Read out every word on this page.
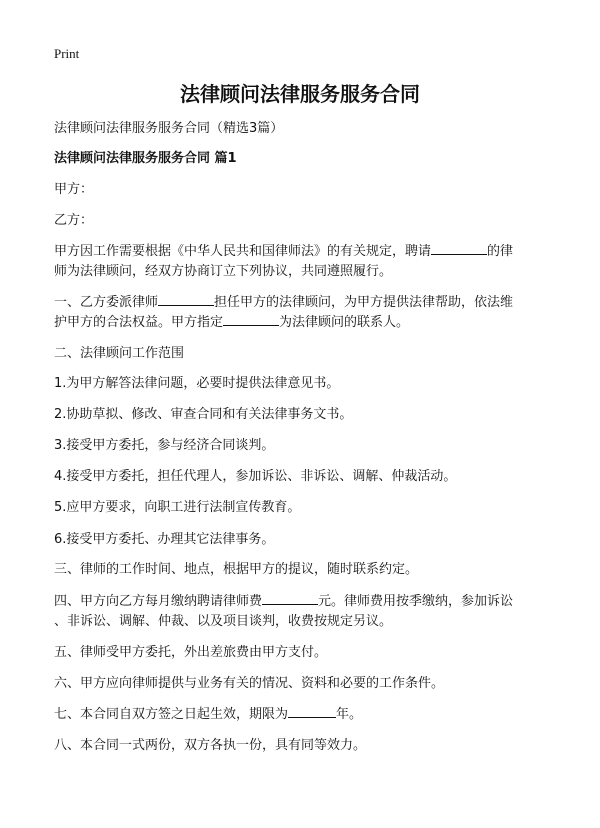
Print
法律顾问法律服务服务合同
法律顾问法律服务服务合同（精选3篇）
法律顾问法律服务服务合同 篇1
甲方：
乙方：
甲方因工作需要根据《中华人民共和国律师法》的有关规定，聘请	的律
师为法律顾问，经双方协商订立下列协议，共同遵照履行。
一、乙方委派律师	担任甲方的法律顾问，为甲方提供法律帮助，依法维
护甲方的合法权益。甲方指定	为法律顾问的联系人。
二、法律顾问工作范围
1.为甲方解答法律问题，必要时提供法律意见书。
2.协助草拟、修改、审查合同和有关法律事务文书。
3.接受甲方委托，参与经济合同谈判。
4.接受甲方委托，担任代理人，参加诉讼、非诉讼、调解、仲裁活动。
5.应甲方要求，向职工进行法制宣传教育。
6.接受甲方委托、办理其它法律事务。
三、律师的工作时间、地点，根据甲方的提议，随时联系约定。
四、甲方向乙方每月缴纳聘请律师费	元。律师费用按季缴纳，参加诉讼
、非诉讼、调解、仲裁、以及项目谈判，收费按规定另议。
五、律师受甲方委托，外出差旅费由甲方支付。
六、甲方应向律师提供与业务有关的情况、资料和必要的工作条件。
七、本合同自双方签之日起生效，期限为	年。
八、本合同一式两份，双方各执一份，具有同等效力。
